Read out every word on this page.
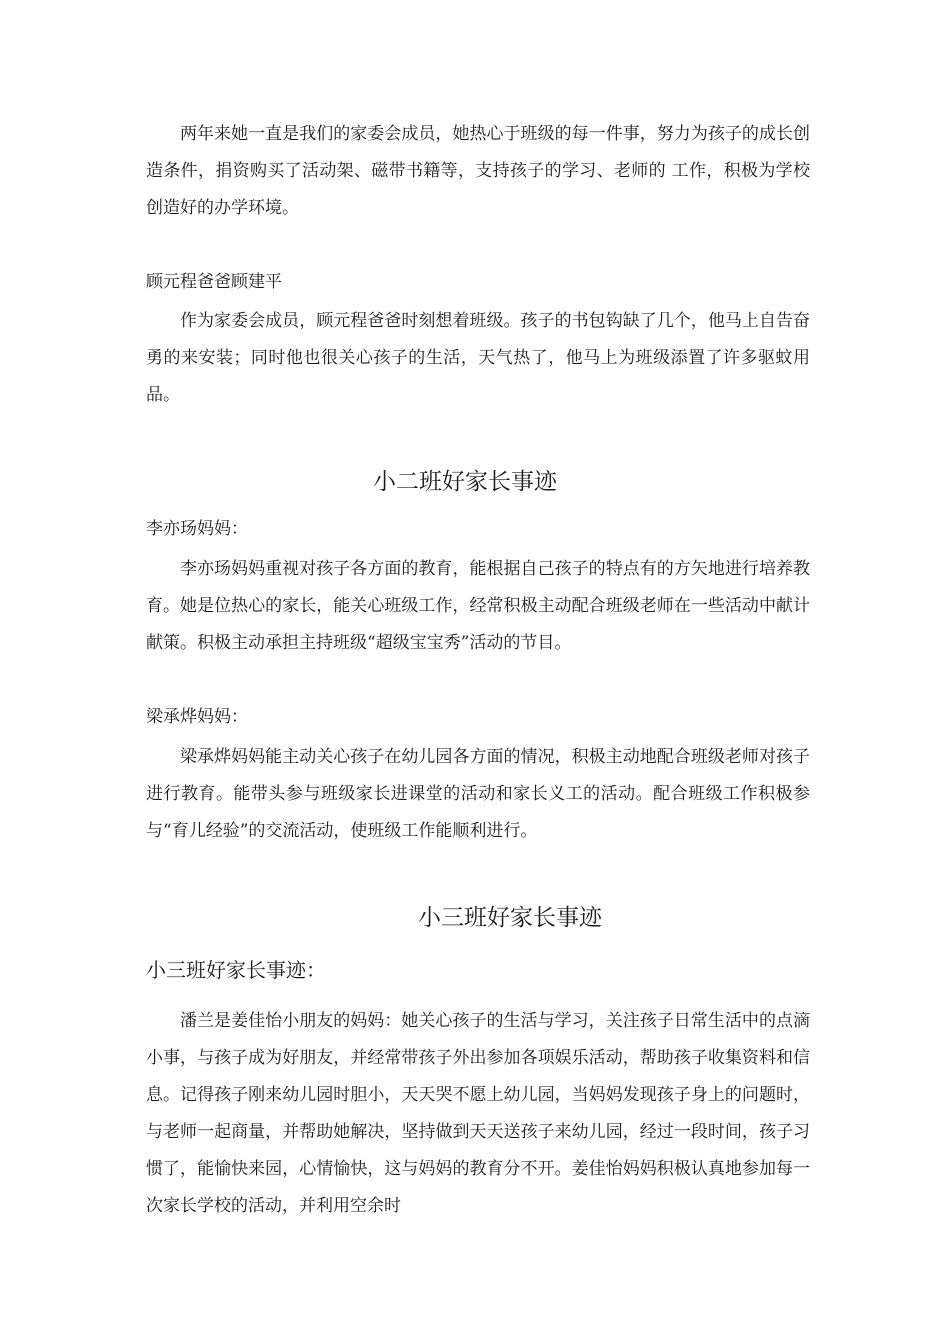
两年来她一直是我们的家委会成员，她热心于班级的每一件事，努力为孩子的成长创造条件，捐资购买了活动架、磁带书籍等，支持孩子的学习、老师的 工作，积极为学校创造好的办学环境。

顾元程爸爸顾建平

作为家委会成员，顾元程爸爸时刻想着班级。孩子的书包钩缺了几个，他马上自告奋勇的来安装；同时他也很关心孩子的生活，天气热了，他马上为班级添置了许多驱蚊用品。

小二班好家长事迹

李亦玚妈妈：

李亦玚妈妈重视对孩子各方面的教育，能根据自己孩子的特点有的方矢地进行培养教育。她是位热心的家长，能关心班级工作，经常积极主动配合班级老师在一些活动中献计献策。积极主动承担主持班级“超级宝宝秀”活动的节目。

梁承烨妈妈：

梁承烨妈妈能主动关心孩子在幼儿园各方面的情况，积极主动地配合班级老师对孩子进行教育。能带头参与班级家长进课堂的活动和家长义工的活动。配合班级工作积极参与“育儿经验”的交流活动，使班级工作能顺利进行。

小三班好家长事迹

小三班好家长事迹：

潘兰是姜佳怡小朋友的妈妈：她关心孩子的生活与学习，关注孩子日常生活中的点滴小事，与孩子成为好朋友，并经常带孩子外出参加各项娱乐活动，帮助孩子收集资料和信息。记得孩子刚来幼儿园时胆小，天天哭不愿上幼儿园，当妈妈发现孩子身上的问题时，与老师一起商量，并帮助她解决，坚持做到天天送孩子来幼儿园，经过一段时间，孩子习惯了，能愉快来园，心情愉快，这与妈妈的教育分不开。姜佳怡妈妈积极认真地参加每一次家长学校的活动，并利用空余时
